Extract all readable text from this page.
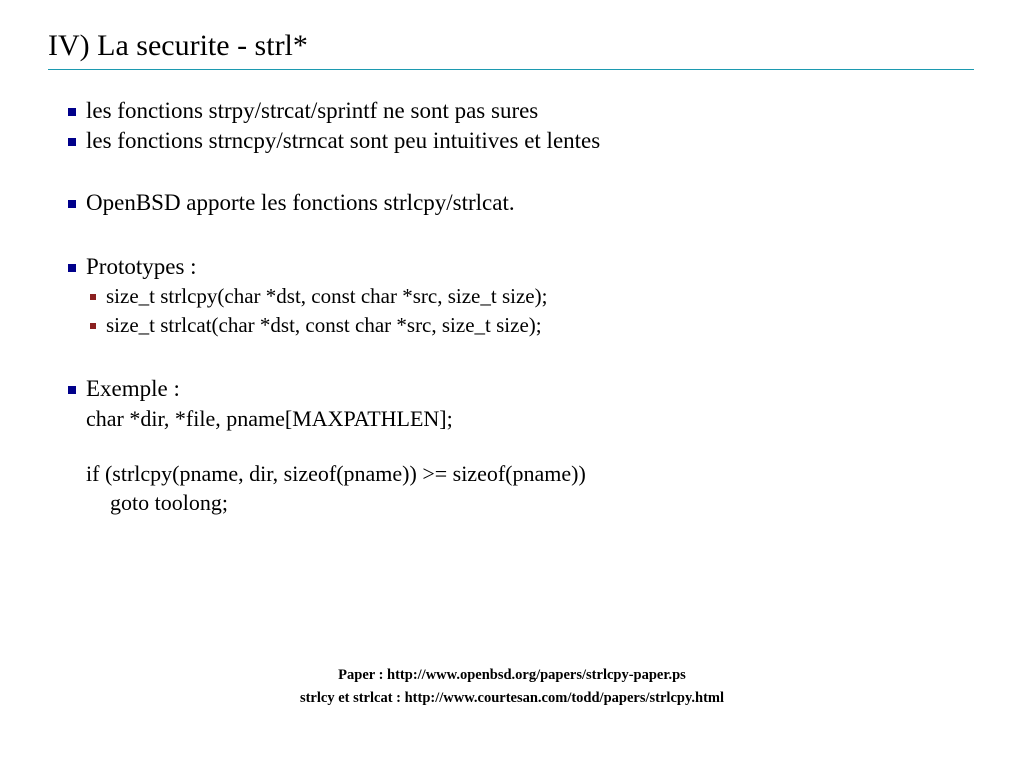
IV) La securite - strl*
les fonctions strpy/strcat/sprintf ne sont pas sures
les fonctions strncpy/strncat sont peu intuitives et lentes
OpenBSD apporte les fonctions strlcpy/strlcat.
Prototypes :
size_t strlcpy(char *dst, const char *src, size_t size);
size_t strlcat(char *dst, const char *src, size_t size);
Exemple :
char *dir, *file, pname[MAXPATHLEN];
if (strlcpy(pname, dir, sizeof(pname)) >= sizeof(pname))
goto toolong;
Paper : http://www.openbsd.org/papers/strlcpy-paper.ps
strlcy et strlcat : http://www.courtesan.com/todd/papers/strlcpy.html
